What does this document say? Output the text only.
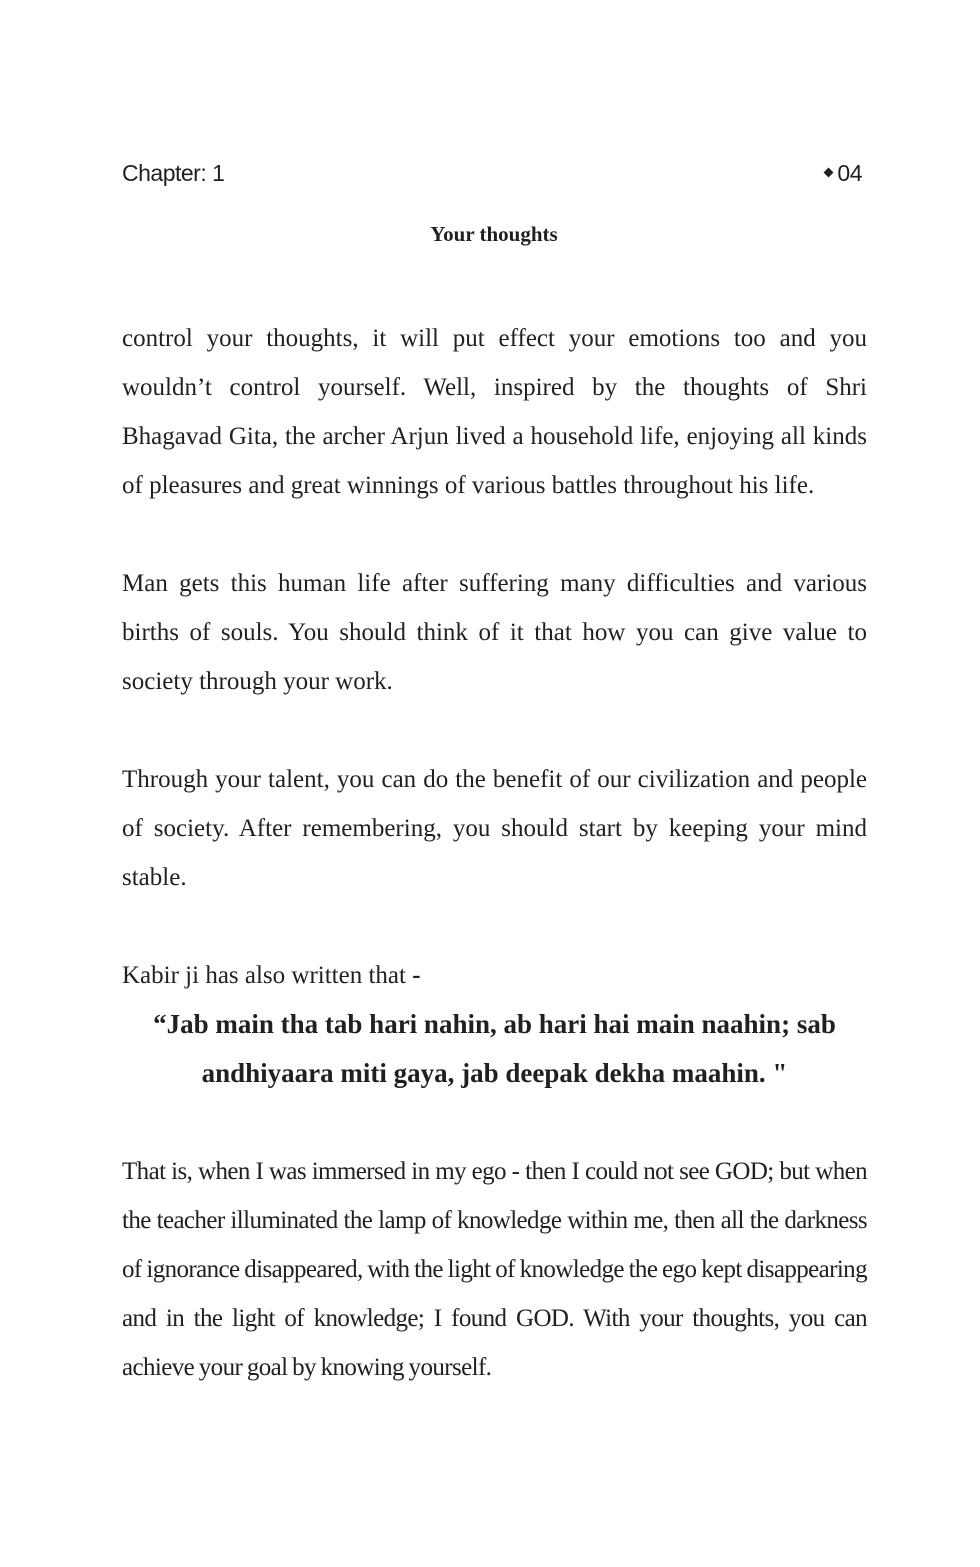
Chapter: 1	04
Your thoughts

control your thoughts, it will put effect your emotions too and you wouldn’t control yourself. Well, inspired by the thoughts of Shri Bhagavad Gita, the archer Arjun lived a household life, enjoying all kinds of pleasures and great winnings of various battles throughout his life.

Man gets this human life after suffering many difficulties and various births of souls. You should think of it that how you can give value to society through your work.

Through your talent, you can do the benefit of our civilization and people of society. After remembering, you should start by keeping your mind stable.

Kabir ji has also written that -

“Jab main tha tab hari nahin, ab hari hai main naahin; sab andhiyaara miti gaya, jab deepak dekha maahin. "

That is, when I was immersed in my ego - then I could not see GOD; but when the teacher illuminated the lamp of knowledge within me, then all the darkness of ignorance disappeared, with the light of knowledge the ego kept disappearing and in the light of knowledge; I found GOD. With your thoughts, you can achieve your goal by knowing yourself.
